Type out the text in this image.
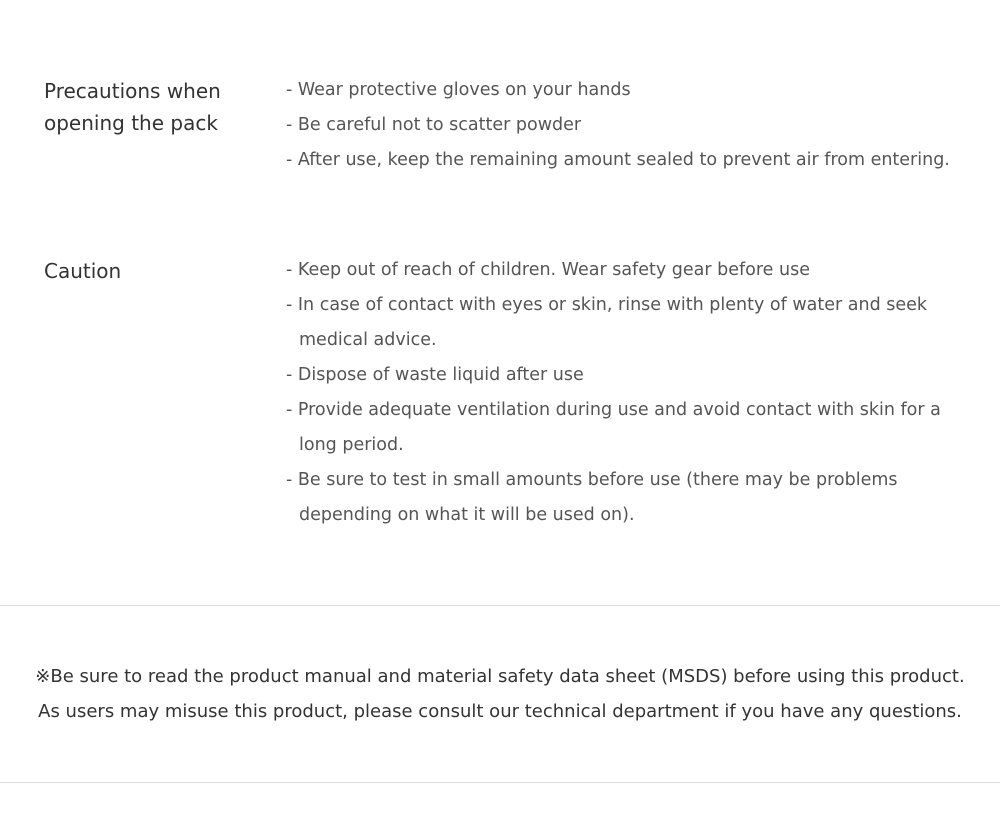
Precautions when opening the pack
- Wear protective gloves on your hands
- Be careful not to scatter powder
- After use, keep the remaining amount sealed to prevent air from entering.
Caution	- Keep out of reach of children. Wear safety gear before use
- In case of contact with eyes or skin, rinse with plenty of water and seek medical advice.
- Dispose of waste liquid after use
- Provide adequate ventilation during use and avoid contact with skin for a long period.
- Be sure to test in small amounts before use (there may be problems depending on what it will be used on).

※Be sure to read the product manual and material safety data sheet (MSDS) before using this product.

As users may misuse this product, please consult our technical department if you have any questions.
